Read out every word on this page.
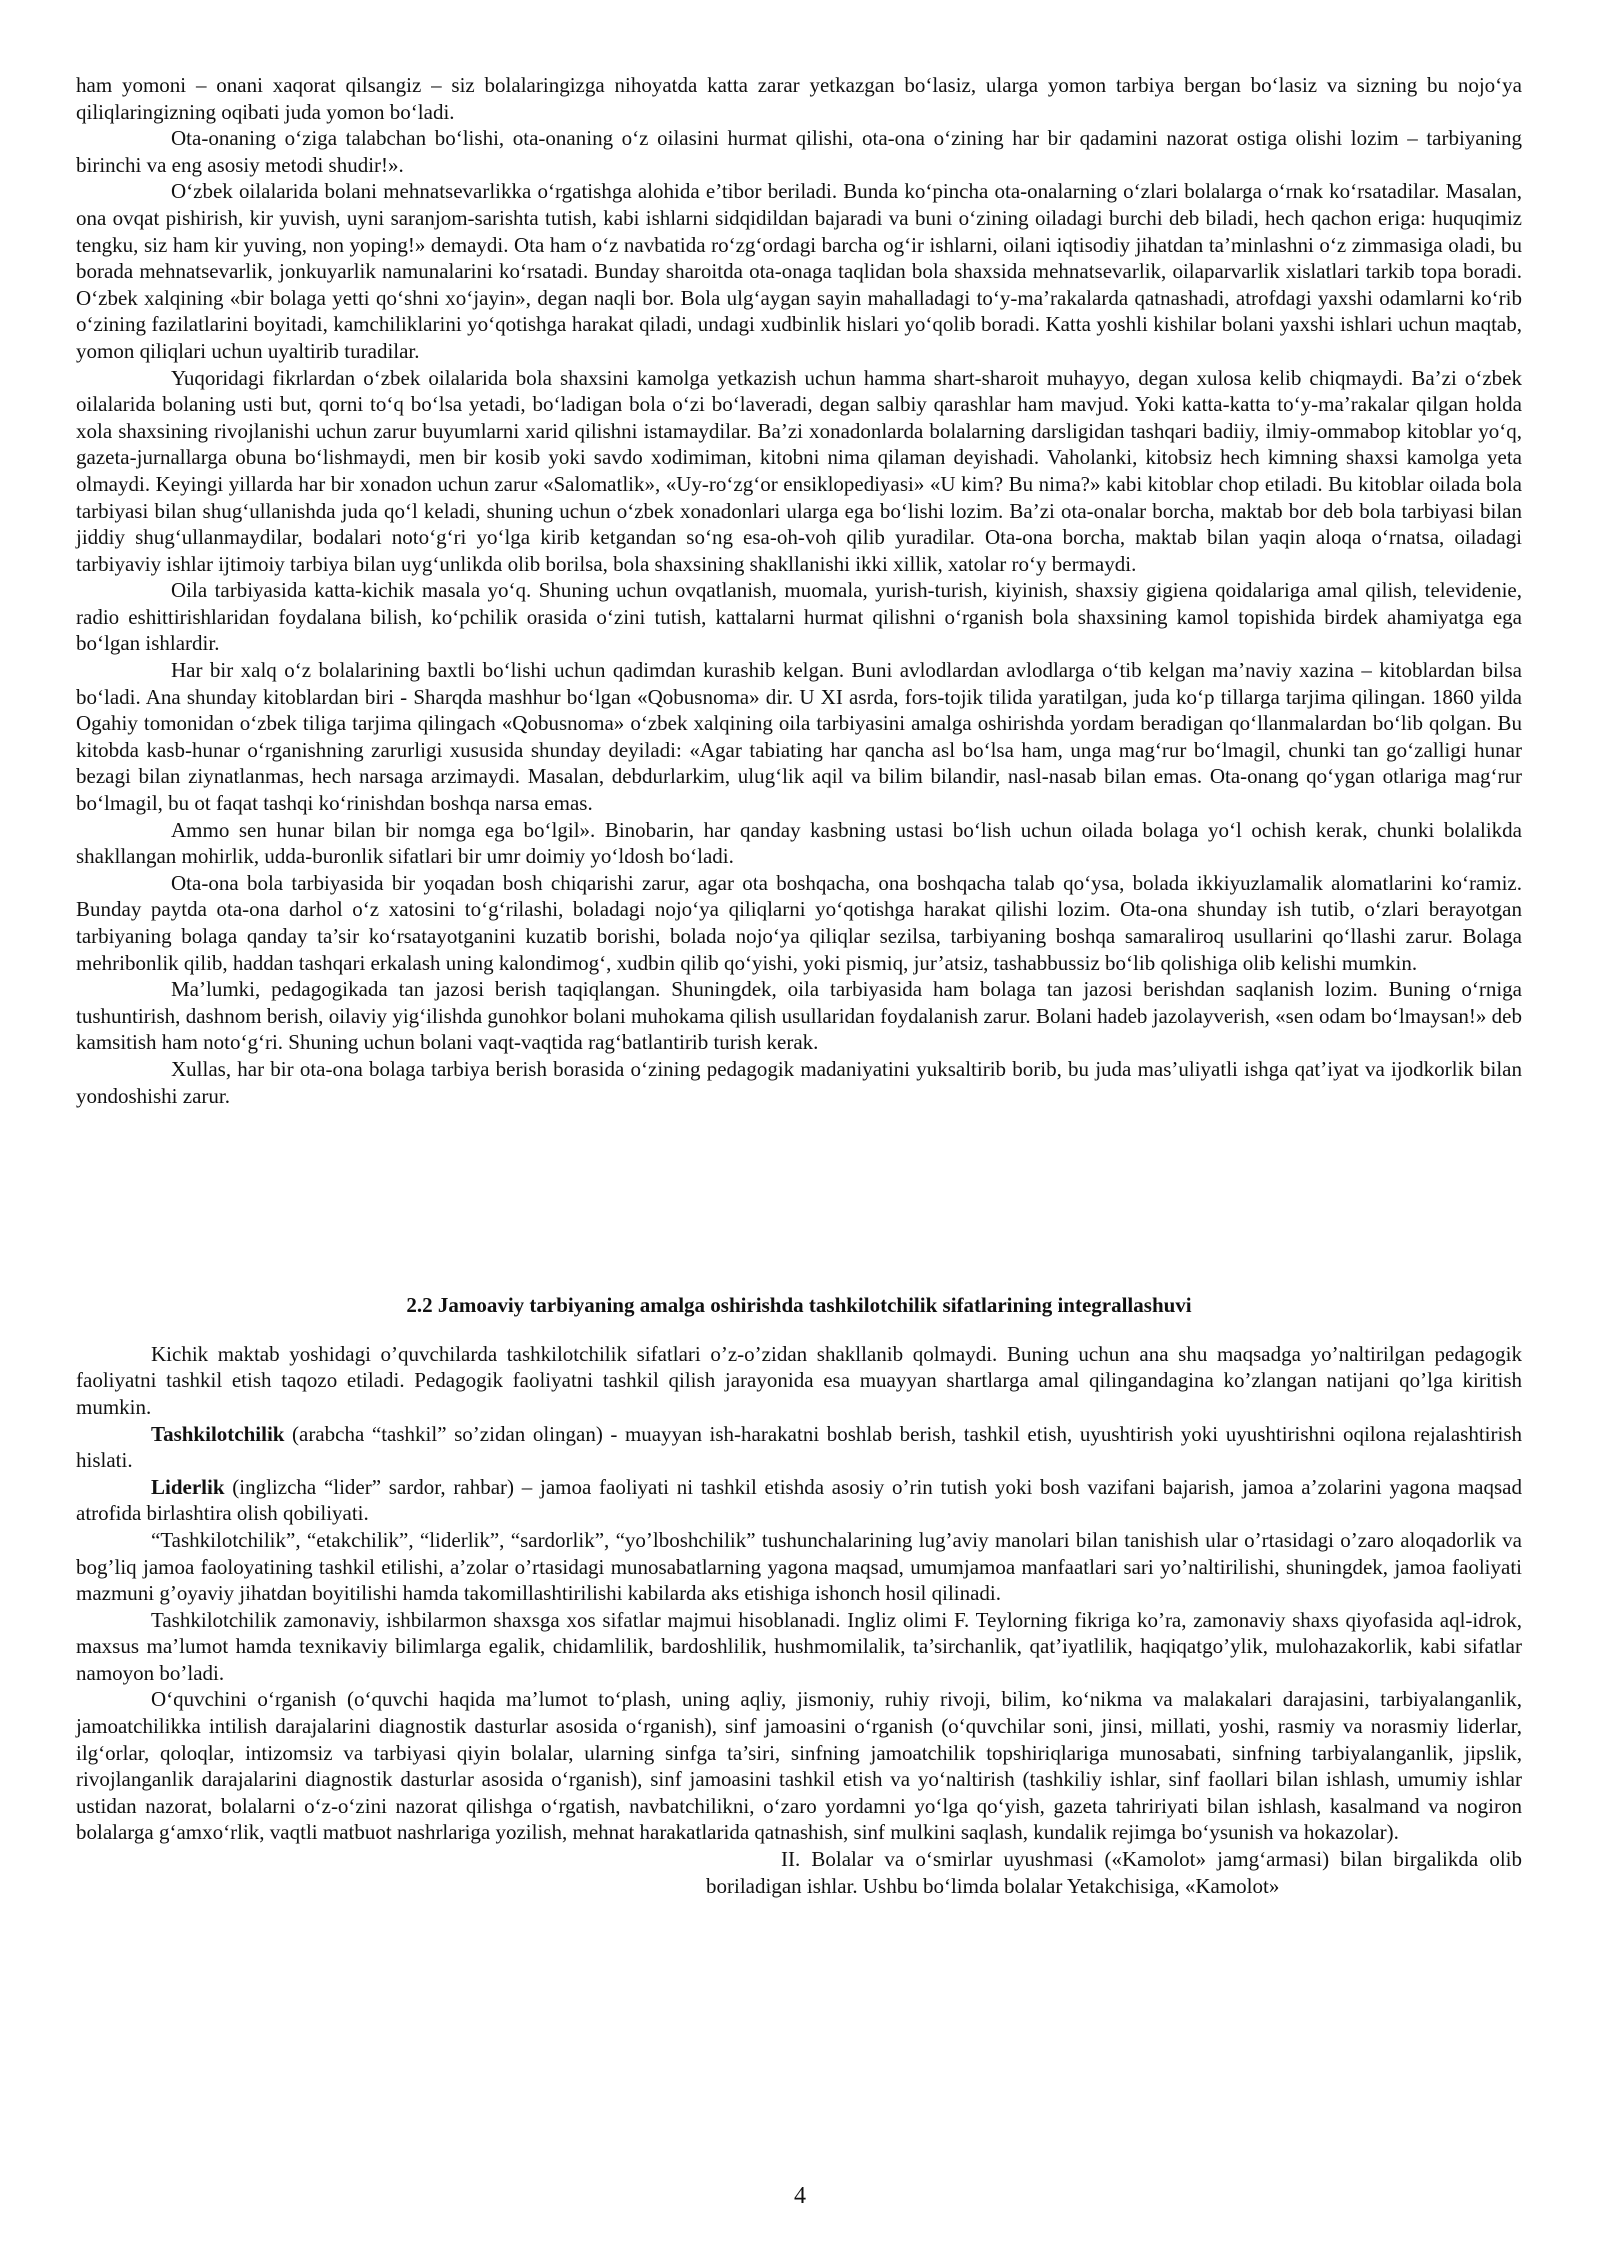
ham yomoni – onani xaqorat qilsangiz – siz bolalaringizga nihoyatda katta zarar yetkazgan bo‘lasiz, ularga yomon tarbiya bergan bo‘lasiz va sizning bu nojo‘ya qiliqlaringizning oqibati juda yomon bo‘ladi.

Ota-onaning o‘ziga talabchan bo‘lishi, ota-onaning o‘z oilasini hurmat qilishi, ota-ona o‘zining har bir qadamini nazorat ostiga olishi lozim – tarbiyaning birinchi va eng asosiy metodi shudir!».

O‘zbek oilalarida bolani mehnatsevarlikka o‘rgatishga alohida e’tibor beriladi. Bunda ko‘pincha ota-onalarning o‘zlari bolalarga o‘rnak ko‘rsatadilar. Masalan, ona ovqat pishirish, kir yuvish, uyni saranjom-sarishta tutish, kabi ishlarni sidqidildan bajaradi va buni o‘zining oiladagi burchi deb biladi, hech qachon eriga: huquqimiz tengku, siz ham kir yuving, non yoping!» demaydi. Ota ham o‘z navbatida ro‘zg‘ordagi barcha og‘ir ishlarni, oilani iqtisodiy jihatdan ta’minlashni o‘z zimmasiga oladi, bu borada mehnatsevarlik, jonkuyarlik namunalarini ko‘rsatadi. Bunday sharoitda ota-onaga taqlidan bola shaxsida mehnatsevarlik, oilaparvarlik xislatlari tarkib topa boradi. O‘zbek xalqining «bir bolaga yetti qo‘shni xo‘jayin», degan naqli bor. Bola ulg‘aygan sayin mahalladagi to‘y-ma’rakalarda qatnashadi, atrofdagi yaxshi odamlarni ko‘rib o‘zining fazilatlarini boyitadi, kamchiliklarini yo‘qotishga harakat qiladi, undagi xudbinlik hislari yo‘qolib boradi. Katta yoshli kishilar bolani yaxshi ishlari uchun maqtab, yomon qiliqlari uchun uyaltirib turadilar.

Yuqoridagi fikrlardan o‘zbek oilalarida bola shaxsini kamolga yetkazish uchun hamma shart-sharoit muhayyo, degan xulosa kelib chiqmaydi. Ba’zi o‘zbek oilalarida bolaning usti but, qorni to‘q bo‘lsa yetadi, bo‘ladigan bola o‘zi bo‘laveradi, degan salbiy qarashlar ham mavjud. Yoki katta-katta to‘y-ma’rakalar qilgan holda xola shaxsining rivojlanishi uchun zarur buyumlarni xarid qilishni istamaydilar. Ba’zi xonadonlarda bolalarning darsligidan tashqari badiiy, ilmiy-ommabop kitoblar yo‘q, gazeta-jurnallarga obuna bo‘lishmaydi, men bir kosib yoki savdo xodimiman, kitobni nima qilaman deyishadi. Vaholanki, kitobsiz hech kimning shaxsi kamolga yeta olmaydi. Keyingi yillarda har bir xonadon uchun zarur «Salomatlik», «Uy-ro‘zg‘or ensiklopediyasi» «U kim? Bu nima?» kabi kitoblar chop etiladi. Bu kitoblar oilada bola tarbiyasi bilan shug‘ullanishda juda qo‘l keladi, shuning uchun o‘zbek xonadonlari ularga ega bo‘lishi lozim. Ba’zi ota-onalar borcha, maktab bor deb bola tarbiyasi bilan jiddiy shug‘ullanmaydilar, bodalari noto‘g‘ri yo‘lga kirib ketgandan so‘ng esa-oh-voh qilib yuradilar. Ota-ona borcha, maktab bilan yaqin aloqa o‘rnatsa, oiladagi tarbiyaviy ishlar ijtimoiy tarbiya bilan uyg‘unlikda olib borilsa, bola shaxsining shakllanishi ikki xillik, xatolar ro‘y bermaydi.

Oila tarbiyasida katta-kichik masala yo‘q. Shuning uchun ovqatlanish, muomala, yurish-turish, kiyinish, shaxsiy gigiena qoidalariga amal qilish, televidenie, radio eshittirishlaridan foydalana bilish, ko‘pchilik orasida o‘zini tutish, kattalarni hurmat qilishni o‘rganish bola shaxsining kamol topishida birdek ahamiyatga ega bo‘lgan ishlardir.

Har bir xalq o‘z bolalarining baxtli bo‘lishi uchun qadimdan kurashib kelgan. Buni avlodlardan avlodlarga o‘tib kelgan ma’naviy xazina – kitoblardan bilsa bo‘ladi. Ana shunday kitoblardan biri - Sharqda mashhur bo‘lgan «Qobusnoma» dir. U XI asrda, fors-tojik tilida yaratilgan, juda ko‘p tillarga tarjima qilingan. 1860 yilda Ogahiy tomonidan o‘zbek tiliga tarjima qilingach «Qobusnoma» o‘zbek xalqining oila tarbiyasini amalga oshirishda yordam beradigan qo‘llanmalardan bo‘lib qolgan. Bu kitobda kasb-hunar o‘rganishning zarurligi xususida shunday deyiladi: «Agar tabiating har qancha asl bo‘lsa ham, unga mag‘rur bo‘lmagil, chunki tan go‘zalligi hunar bezagi bilan ziynatlanmas, hech narsaga arzimaydi. Masalan, debdurlarkim, ulug‘lik aqil va bilim bilandir, nasl-nasab bilan emas. Ota-onang qo‘ygan otlariga mag‘rur bo‘lmagil, bu ot faqat tashqi ko‘rinishdan boshqa narsa emas.

Ammo sen hunar bilan bir nomga ega bo‘lgil». Binobarin, har qanday kasbning ustasi bo‘lish uchun oilada bolaga yo‘l ochish kerak, chunki bolalikda shakllangan mohirlik, udda-buronlik sifatlari bir umr doimiy yo‘ldosh bo‘ladi.

Ota-ona bola tarbiyasida bir yoqadan bosh chiqarishi zarur, agar ota boshqacha, ona boshqacha talab qo‘ysa, bolada ikkiyuzlamalik alomatlarini ko‘ramiz. Bunday paytda ota-ona darhol o‘z xatosini to‘g‘rilashi, boladagi nojo‘ya qiliqlarni yo‘qotishga harakat qilishi lozim. Ota-ona shunday ish tutib, o‘zlari berayotgan tarbiyaning bolaga qanday ta’sir ko‘rsatayotganini kuzatib borishi, bolada nojo‘ya qiliqlar sezilsa, tarbiyaning boshqa samaraliroq usullarini qo‘llashi zarur. Bolaga mehribonlik qilib, haddan tashqari erkalash uning kalondimog‘, xudbin qilib qo‘yishi, yoki pismiq, jur’atsiz, tashabbussiz bo‘lib qolishiga olib kelishi mumkin.

Ma’lumki, pedagogikada tan jazosi berish taqiqlangan. Shuningdek, oila tarbiyasida ham bolaga tan jazosi berishdan saqlanish lozim. Buning o‘rniga tushuntirish, dashnom berish, oilaviy yig‘ilishda gunohkor bolani muhokama qilish usullaridan foydalanish zarur. Bolani hadeb jazolayverish, «sen odam bo‘lmaysan!» deb kamsitish ham noto‘g‘ri. Shuning uchun bolani vaqt-vaqtida rag‘batlantirib turish kerak.

Xullas, har bir ota-ona bolaga tarbiya berish borasida o‘zining pedagogik madaniyatini yuksaltirib borib, bu juda mas’uliyatli ishga qat’iyat va ijodkorlik bilan yondoshishi zarur.

2.2 Jamoaviy tarbiyaning amalga oshirishda tashkilotchilik sifatlarining integrallashuvi

Kichik maktab yoshidagi o’quvchilarda tashkilotchilik sifatlari o’z-o’zidan shakllanib qolmaydi. Buning uchun ana shu maqsadga yo’naltirilgan pedagogik faoliyatni tashkil etish taqozo etiladi. Pedagogik faoliyatni tashkil qilish jarayonida esa muayyan shartlarga amal qilingandagina ko’zlangan natijani qo’lga kiritish mumkin.

Tashkilotchilik (arabcha “tashkil” so’zidan olingan) - muayyan ish-harakatni boshlab berish, tashkil etish, uyushtirish yoki uyushtirishni oqilona rejalashtirish hislati.

Liderlik (inglizcha “lider” sardor, rahbar) – jamoa faoliyati ni tashkil etishda asosiy o’rin tutish yoki bosh vazifani bajarish, jamoa a’zolarini yagona maqsad atrofida birlashtira olish qobiliyati.

“Tashkilotchilik”, “etakchilik”, “liderlik”, “sardorlik”, “yo’lboshchilik” tushunchalarining lug’aviy manolari bilan tanishish ular o’rtasidagi o’zaro aloqadorlik va bog’liq jamoa faoloyatining tashkil etilishi, a’zolar o’rtasidagi munosabatlarning yagona maqsad, umumjamoa manfaatlari sari yo’naltirilishi, shuningdek, jamoa faoliyati mazmuni g’oyaviy jihatdan boyitilishi hamda takomillashtirilishi kabilarda aks etishiga ishonch hosil qilinadi.

Tashkilotchilik zamonaviy, ishbilarmon shaxsga xos sifatlar majmui hisoblanadi. Ingliz olimi F. Teylorning fikriga ko’ra, zamonaviy shaxs qiyofasida aql-idrok, maxsus ma’lumot hamda texnikaviy bilimlarga egalik, chidamlilik, bardoshlilik, hushmomilalik, ta’sirchanlik, qat’iyatlilik, haqiqatgo’ylik, mulohazakorlik, kabi sifatlar namoyon bo’ladi.

O‘quvchini o‘rganish (o‘quvchi haqida ma’lumot to‘plash, uning aqliy, jismoniy, ruhiy rivoji, bilim, ko‘nikma va malakalari darajasini, tarbiyalanganlik, jamoatchilikka intilish darajalarini diagnostik dasturlar asosida o‘rganish), sinf jamoasini o‘rganish (o‘quvchilar soni, jinsi, millati, yoshi, rasmiy va norasmiy liderlar, ilg‘orlar, qoloqlar, intizomsiz va tarbiyasi qiyin bolalar, ularning sinfga ta’siri, sinfning jamoatchilik topshiriqlariga munosabati, sinfning tarbiyalanganlik, jipslik, rivojlanganlik darajalarini diagnostik dasturlar asosida o‘rganish), sinf jamoasini tashkil etish va yo‘naltirish (tashkiliy ishlar, sinf faollari bilan ishlash, umumiy ishlar ustidan nazorat, bolalarni o‘z-o‘zini nazorat qilishga o‘rgatish, navbatchilikni, o‘zaro yordamni yo‘lga qo‘yish, gazeta tahririyati bilan ishlash, kasalmand va nogiron bolalarga g‘amxo‘rlik, vaqtli matbuot nashrlariga yozilish, mehnat harakatlarida qatnashish, sinf mulkini saqlash, kundalik rejimga bo‘ysunish va hokazolar).

II. Bolalar va o‘smirlar uyushmasi («Kamolot» jamg‘armasi) bilan birgalikda olib boriladigan ishlar. Ushbu bo‘limda bolalar Yetakchisiga, «Kamolot»

4
